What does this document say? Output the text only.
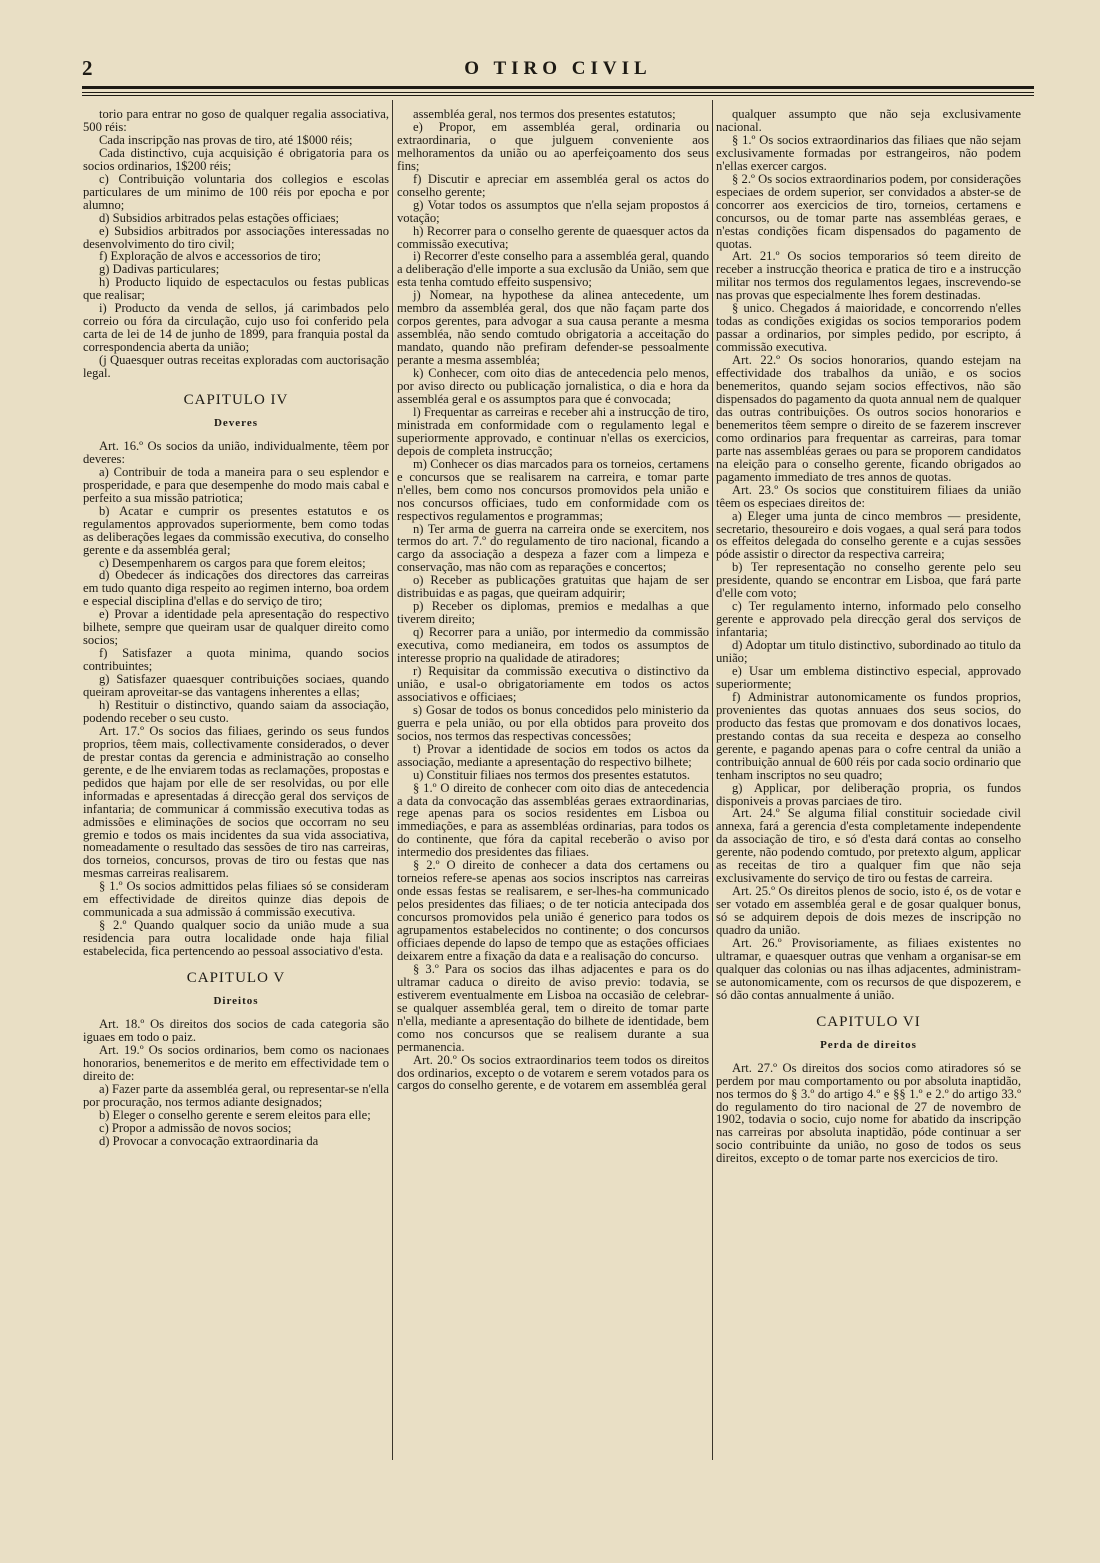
2	O TIRO CIVIL

torio para entrar no goso de qualquer regalia associativa, 500 réis:

Cada inscripção nas provas de tiro, até 1$000 réis;

Cada distinctivo, cuja acquisição é obrigatoria para os socios ordinarios, 1$200 réis;

c) Contribuição voluntaria dos collegios e escolas particulares de um minimo de 100 réis por epocha e por alumno;

d) Subsidios arbitrados pelas estações officiaes;

e) Subsidios arbitrados por associações interessadas no desenvolvimento do tiro civil;

f) Exploração de alvos e accessorios de tiro;

g) Dadivas particulares;

h) Producto liquido de espectaculos ou festas publicas que realisar;

i) Producto da venda de sellos, já carimbados pelo correio ou fóra da circulação, cujo uso foi conferido pela carta de lei de 14 de junho de 1899, para franquia postal da correspondencia aberta da união;

(j Quaesquer outras receitas exploradas com auctorisação legal.

CAPITULO IV
Deveres

Art. 16.º Os socios da união, individualmente, têem por deveres:

a) Contribuir de toda a maneira para o seu esplendor e prosperidade, e para que desempenhe do modo mais cabal e perfeito a sua missão patriotica;

b) Acatar e cumprir os presentes estatutos e os regulamentos approvados superiormente, bem como todas as deliberações legaes da commissão executiva, do conselho gerente e da assembléa geral;

c) Desempenharem os cargos para que forem eleitos;

d) Obedecer ás indicações dos directores das carreiras em tudo quanto diga respeito ao regimen interno, boa ordem e especial disciplina d'ellas e do serviço de tiro;

e) Provar a identidade pela apresentação do respectivo bilhete, sempre que queiram usar de qualquer direito como socios;

f) Satisfazer a quota minima, quando socios contribuintes;

g) Satisfazer quaesquer contribuições sociaes, quando queiram aproveitar-se das vantagens inherentes a ellas;

h) Restituir o distinctivo, quando saiam da associação, podendo receber o seu custo.

Art. 17.º Os socios das filiaes, gerindo os seus fundos proprios, têem mais, collectivamente considerados, o dever de prestar contas da gerencia e administração ao conselho gerente, e de lhe enviarem todas as reclamações, propostas e pedidos que hajam por elle de ser resolvidas, ou por elle informadas e apresentadas á direcção geral dos serviços de infantaria; de communicar á commissão executiva todas as admissões e eliminações de socios que occorram no seu gremio e todos os mais incidentes da sua vida associativa, nomeadamente o resultado das sessões de tiro nas carreiras, dos torneios, concursos, provas de tiro ou festas que nas mesmas carreiras realisarem.

§ 1.º Os socios admittidos pelas filiaes só se consideram em effectividade de direitos quinze dias depois de communicada a sua admissão á commissão executiva.

§ 2.º Quando qualquer socio da união mude a sua residencia para outra localidade onde haja filial estabelecida, fica pertencendo ao pessoal associativo d'esta.

CAPITULO V
Direitos

Art. 18.º Os direitos dos socios de cada categoria são iguaes em todo o paiz.

Art. 19.º Os socios ordinarios, bem como os nacionaes honorarios, benemeritos e de merito em effectividade tem o direito de:

a) Fazer parte da assembléa geral, ou representar-se n'ella por procuração, nos termos adiante designados;

b) Eleger o conselho gerente e serem eleitos para elle;

c) Propor a admissão de novos socios;

d) Provocar a convocação extraordinaria da

assembléa geral, nos termos dos presentes estatutos;

e) Propor, em assembléa geral, ordinaria ou extraordinaria, o que julguem conveniente aos melhoramentos da união ou ao aperfeiçoamento dos seus fins;

f) Discutir e apreciar em assembléa geral os actos do conselho gerente;

g) Votar todos os assumptos que n'ella sejam propostos á votação;

h) Recorrer para o conselho gerente de quaesquer actos da commissão executiva;

i) Recorrer d'este conselho para a assembléa geral, quando a deliberação d'elle importe a sua exclusão da União, sem que esta tenha comtudo effeito suspensivo;

j) Nomear, na hypothese da alinea antecedente, um membro da assembléa geral, dos que não façam parte dos corpos gerentes, para advogar a sua causa perante a mesma assembléa, não sendo comtudo obrigatoria a acceitação do mandato, quando não prefiram defender-se pessoalmente perante a mesma assembléa;

k) Conhecer, com oito dias de antecedencia pelo menos, por aviso directo ou publicação jornalistica, o dia e hora da assembléa geral e os assumptos para que é convocada;

l) Frequentar as carreiras e receber ahi a instrucção de tiro, ministrada em conformidade com o regulamento legal e superiormente approvado, e continuar n'ellas os exercicios, depois de completa instrucção;

m) Conhecer os dias marcados para os torneios, certamens e concursos que se realisarem na carreira, e tomar parte n'elles, bem como nos concursos promovidos pela união e nos concursos officiaes, tudo em conformidade com os respectivos regulamentos e programmas;

n) Ter arma de guerra na carreira onde se exercitem, nos termos do art. 7.º do regulamento de tiro nacional, ficando a cargo da associação a despeza a fazer com a limpeza e conservação, mas não com as reparações e concertos;

o) Receber as publicações gratuitas que hajam de ser distribuidas e as pagas, que queiram adquirir;

p) Receber os diplomas, premios e medalhas a que tiverem direito;

q) Recorrer para a união, por intermedio da commissão executiva, como medianeira, em todos os assumptos de interesse proprio na qualidade de atiradores;

r) Requisitar da commissão executiva o distinctivo da união, e usal-o obrigatoriamente em todos os actos associativos e officiaes;

s) Gosar de todos os bonus concedidos pelo ministerio da guerra e pela união, ou por ella obtidos para proveito dos socios, nos termos das respectivas concessões;

t) Provar a identidade de socios em todos os actos da associação, mediante a apresentação do respectivo bilhete;

u) Constituir filiaes nos termos dos presentes estatutos.

§ 1.º O direito de conhecer com oito dias de antecedencia a data da convocação das assembléas geraes extraordinarias, rege apenas para os socios residentes em Lisboa ou immediações, e para as assembléas ordinarias, para todos os do continente, que fóra da capital receberão o aviso por intermedio dos presidentes das filiaes.

§ 2.º O direito de conhecer a data dos certamens ou torneios refere-se apenas aos socios inscriptos nas carreiras onde essas festas se realisarem, e ser-lhes-ha communicado pelos presidentes das filiaes; o de ter noticia antecipada dos concursos promovidos pela união é generico para todos os agrupamentos estabelecidos no continente; o dos concursos officiaes depende do lapso de tempo que as estações officiaes deixarem entre a fixação da data e a realisação do concurso.

§ 3.º Para os socios das ilhas adjacentes e para os do ultramar caduca o direito de aviso previo: todavia, se estiverem eventualmente em Lisboa na occasião de celebrar-se qualquer assembléa geral, tem o direito de tomar parte n'ella, mediante a apresentação do bilhete de identidade, bem como nos concursos que se realisem durante a sua permanencia.

Art. 20.º Os socios extraordinarios teem todos os direitos dos ordinarios, excepto o de votarem e serem votados para os cargos do conselho gerente, e de votarem em assembléa geral

qualquer assumpto que não seja exclusivamente nacional.

§ 1.º Os socios extraordinarios das filiaes que não sejam exclusivamente formadas por estrangeiros, não podem n'ellas exercer cargos.

§ 2.º Os socios extraordinarios podem, por considerações especiaes de ordem superior, ser convidados a abster-se de concorrer aos exercicios de tiro, torneios, certamens e concursos, ou de tomar parte nas assembléas geraes, e n'estas condições ficam dispensados do pagamento de quotas.

Art. 21.º Os socios temporarios só teem direito de receber a instrucção theorica e pratica de tiro e a instrucção militar nos termos dos regulamentos legaes, inscrevendo-se nas provas que especialmente lhes forem destinadas.

§ unico. Chegados á maioridade, e concorrendo n'elles todas as condições exigidas os socios temporarios podem passar a ordinarios, por simples pedido, por escripto, á commissão executiva.

Art. 22.º Os socios honorarios, quando estejam na effectividade dos trabalhos da união, e os socios benemeritos, quando sejam socios effectivos, não são dispensados do pagamento da quota annual nem de qualquer das outras contribuições. Os outros socios honorarios e benemeritos têem sempre o direito de se fazerem inscrever como ordinarios para frequentar as carreiras, para tomar parte nas assembléas geraes ou para se proporem candidatos na eleição para o conselho gerente, ficando obrigados ao pagamento immediato de tres annos de quotas.

Art. 23.º Os socios que constituirem filiaes da união têem os especiaes direitos de:

a) Eleger uma junta de cinco membros — presidente, secretario, thesoureiro e dois vogaes, a qual será para todos os effeitos delegada do conselho gerente e a cujas sessões póde assistir o director da respectiva carreira;

b) Ter representação no conselho gerente pelo seu presidente, quando se encontrar em Lisboa, que fará parte d'elle com voto;

c) Ter regulamento interno, informado pelo conselho gerente e approvado pela direcção geral dos serviços de infantaria;

d) Adoptar um titulo distinctivo, subordinado ao titulo da união;

e) Usar um emblema distinctivo especial, approvado superiormente;

f) Administrar autonomicamente os fundos proprios, provenientes das quotas annuaes dos seus socios, do producto das festas que promovam e dos donativos locaes, prestando contas da sua receita e despeza ao conselho gerente, e pagando apenas para o cofre central da união a contribuição annual de 600 réis por cada socio ordinario que tenham inscriptos no seu quadro;

g) Applicar, por deliberação propria, os fundos disponiveis a provas parciaes de tiro.

Art. 24.º Se alguma filial constituir sociedade civil annexa, fará a gerencia d'esta completamente independente da associação de tiro, e só d'esta dará contas ao conselho gerente, não podendo comtudo, por pretexto algum, applicar as receitas de tiro a qualquer fim que não seja exclusivamente do serviço de tiro ou festas de carreira.

Art. 25.º Os direitos plenos de socio, isto é, os de votar e ser votado em assembléa geral e de gosar qualquer bonus, só se adquirem depois de dois mezes de inscripção no quadro da união.

Art. 26.º Provisoriamente, as filiaes existentes no ultramar, e quaesquer outras que venham a organisar-se em qualquer das colonias ou nas ilhas adjacentes, administram-se autonomicamente, com os recursos de que dispozerem, e só dão contas annualmente á união.

CAPITULO VI
Perda de direitos

Art. 27.º Os direitos dos socios como atiradores só se perdem por mau comportamento ou por absoluta inaptidão, nos termos do § 3.º do artigo 4.º e §§ 1.º e 2.º do artigo 33.º do regulamento do tiro nacional de 27 de novembro de 1902, todavia o socio, cujo nome for abatido da inscripção nas carreiras por absoluta inaptidão, póde continuar a ser socio contribuinte da união, no goso de todos os seus direitos, excepto o de tomar parte nos exercicios de tiro.
